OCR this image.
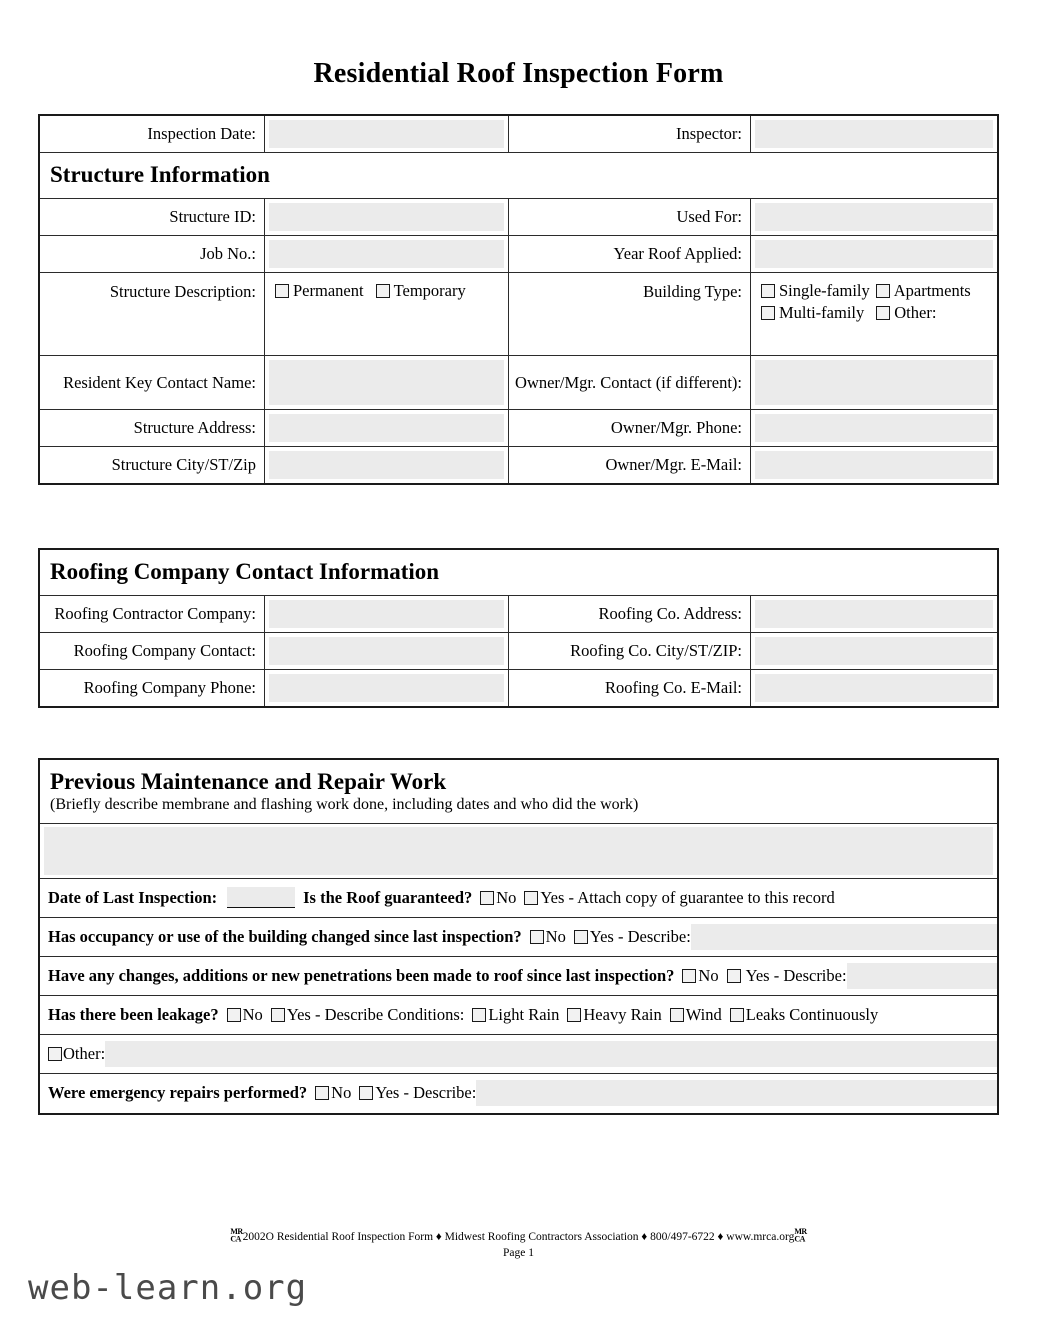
Residential Roof Inspection Form
Inspection Date:	Inspector:
Structure Information
Structure ID:	Used For:
Job No.:	Year Roof Applied:
Structure Description:	Permanent Temporary	Building Type:	Single-family Apartments
Multi-family Other:
Resident Key Contact Name:	Owner/Mgr. Contact (if different):
Structure Address:	Owner/Mgr. Phone:
Structure City/ST/Zip	Owner/Mgr. E-Mail:
Roofing Company Contact Information
Roofing Contractor Company:	Roofing Co. Address:
Roofing Company Contact:	Roofing Co. City/ST/ZIP:
Roofing Company Phone:	Roofing Co. E-Mail:
Previous Maintenance and Repair Work
(Briefly describe membrane and flashing work done, including dates and who did the work)
Date of Last Inspection:	Is the Roof guaranteed? No Yes - Attach copy of guarantee to this record
Has occupancy or use of the building changed since last inspection? No Yes - Describe:
Have any changes, additions or new penetrations been made to roof since last inspection? No Yes - Describe:
Has there been leakage? No Yes - Describe Conditions: Light Rain Heavy Rain Wind Leaks Continuously
Other:
Were emergency repairs performed? No Yes - Describe:
MR
CA 2002O Residential Roof Inspection Form ♦ Midwest Roofing Contractors Association ♦ 800/497-6722 ♦ www.mrca.orgMR
CA
Page 1
web-learn.org
